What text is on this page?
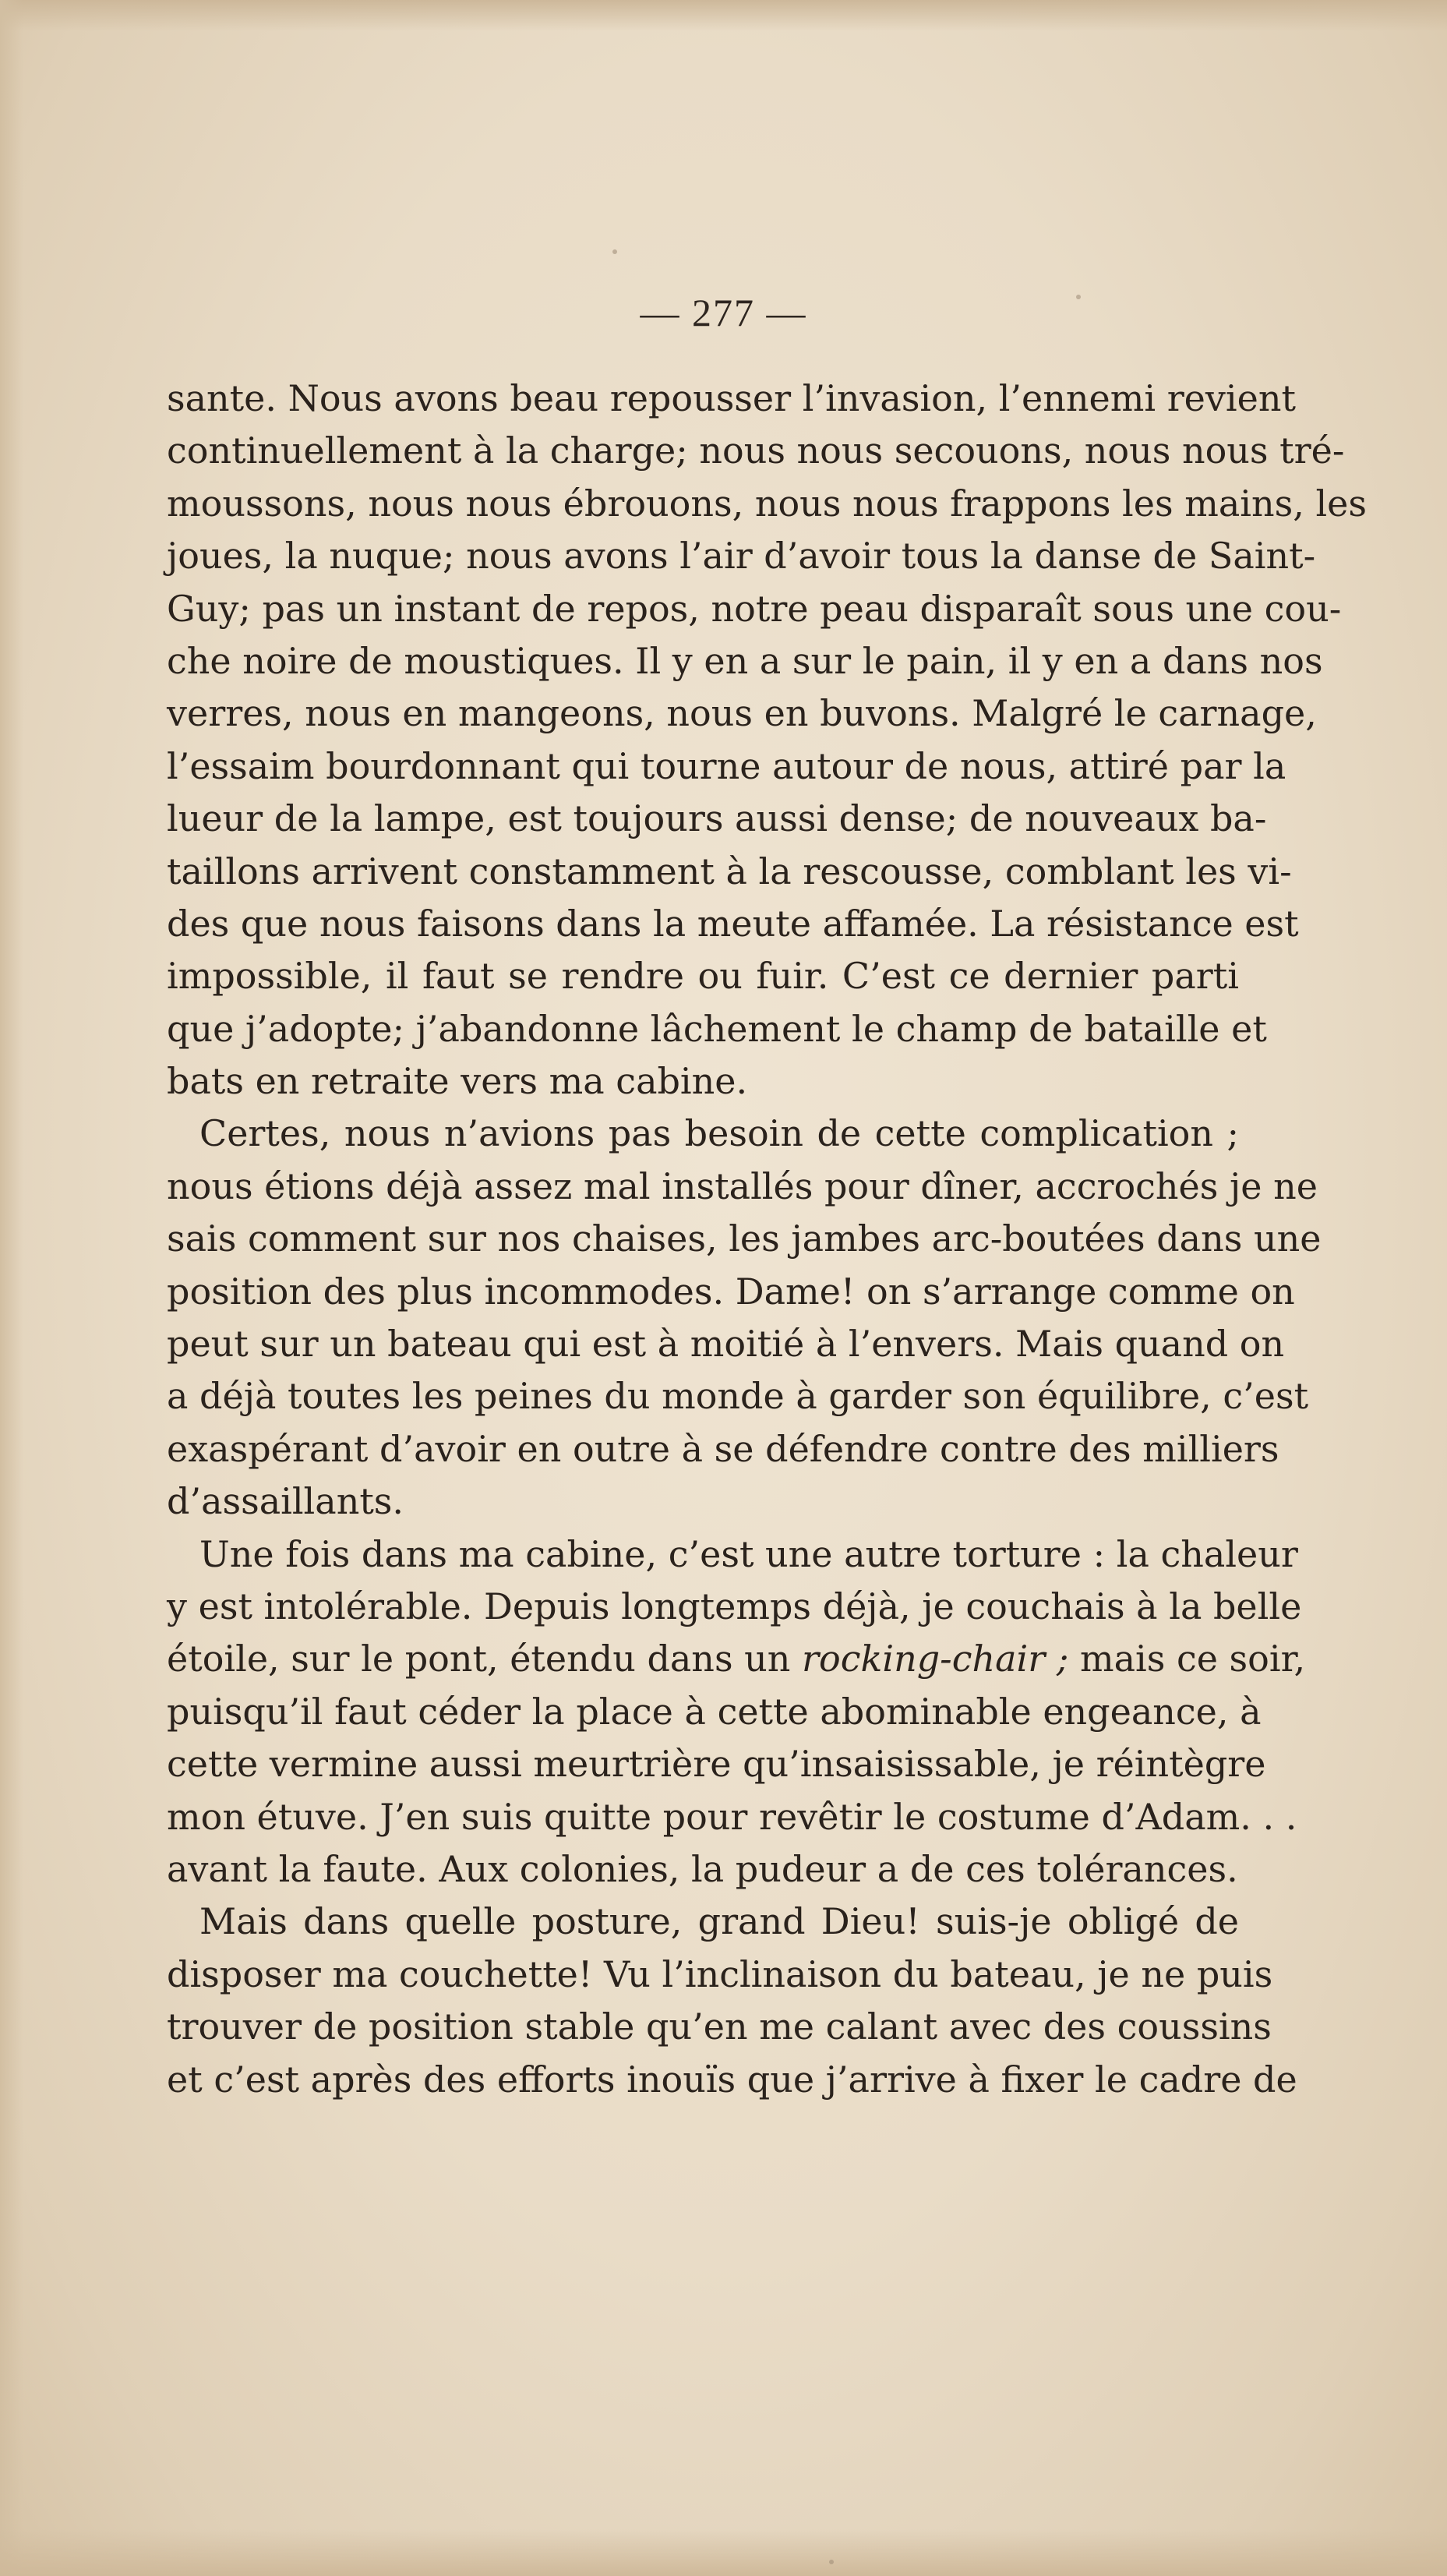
— 277 —
sante. Nous avons beau repousser l’invasion, l’ennemi revient
continuellement à la charge; nous nous secouons, nous nous tré-
moussons, nous nous ébrouons, nous nous frappons les mains, les
joues, la nuque; nous avons l’air d’avoir tous la danse de Saint-
Guy; pas un instant de repos, notre peau disparaît sous une cou-
che noire de moustiques. Il y en a sur le pain, il y en a dans nos
verres, nous en mangeons, nous en buvons. Malgré le carnage,
l’essaim bourdonnant qui tourne autour de nous, attiré par la
lueur de la lampe, est toujours aussi dense; de nouveaux ba-
taillons arrivent constamment à la rescousse, comblant les vi-
des que nous faisons dans la meute affamée. La résistance est
impossible, il faut se rendre ou fuir. C’est ce dernier parti
que j’adopte; j’abandonne lâchement le champ de bataille et
bats en retraite vers ma cabine.
Certes, nous n’avions pas besoin de cette complication ;
nous étions déjà assez mal installés pour dîner, accrochés je ne
sais comment sur nos chaises, les jambes arc-boutées dans une
position des plus incommodes. Dame! on s’arrange comme on
peut sur un bateau qui est à moitié à l’envers. Mais quand on
a déjà toutes les peines du monde à garder son équilibre, c’est
exaspérant d’avoir en outre à se défendre contre des milliers
d’assaillants.
Une fois dans ma cabine, c’est une autre torture : la chaleur
y est intolérable. Depuis longtemps déjà, je couchais à la belle
étoile, sur le pont, étendu dans un rocking-chair ; mais ce soir,
puisqu’il faut céder la place à cette abominable engeance, à
cette vermine aussi meurtrière qu’insaisissable, je réintègre
mon étuve. J’en suis quitte pour revêtir le costume d’Adam. . .
avant la faute. Aux colonies, la pudeur a de ces tolérances.
Mais dans quelle posture, grand Dieu! suis-je obligé de
disposer ma couchette! Vu l’inclinaison du bateau, je ne puis
trouver de position stable qu’en me calant avec des coussins
et c’est après des efforts inouïs que j’arrive à fixer le cadre de
